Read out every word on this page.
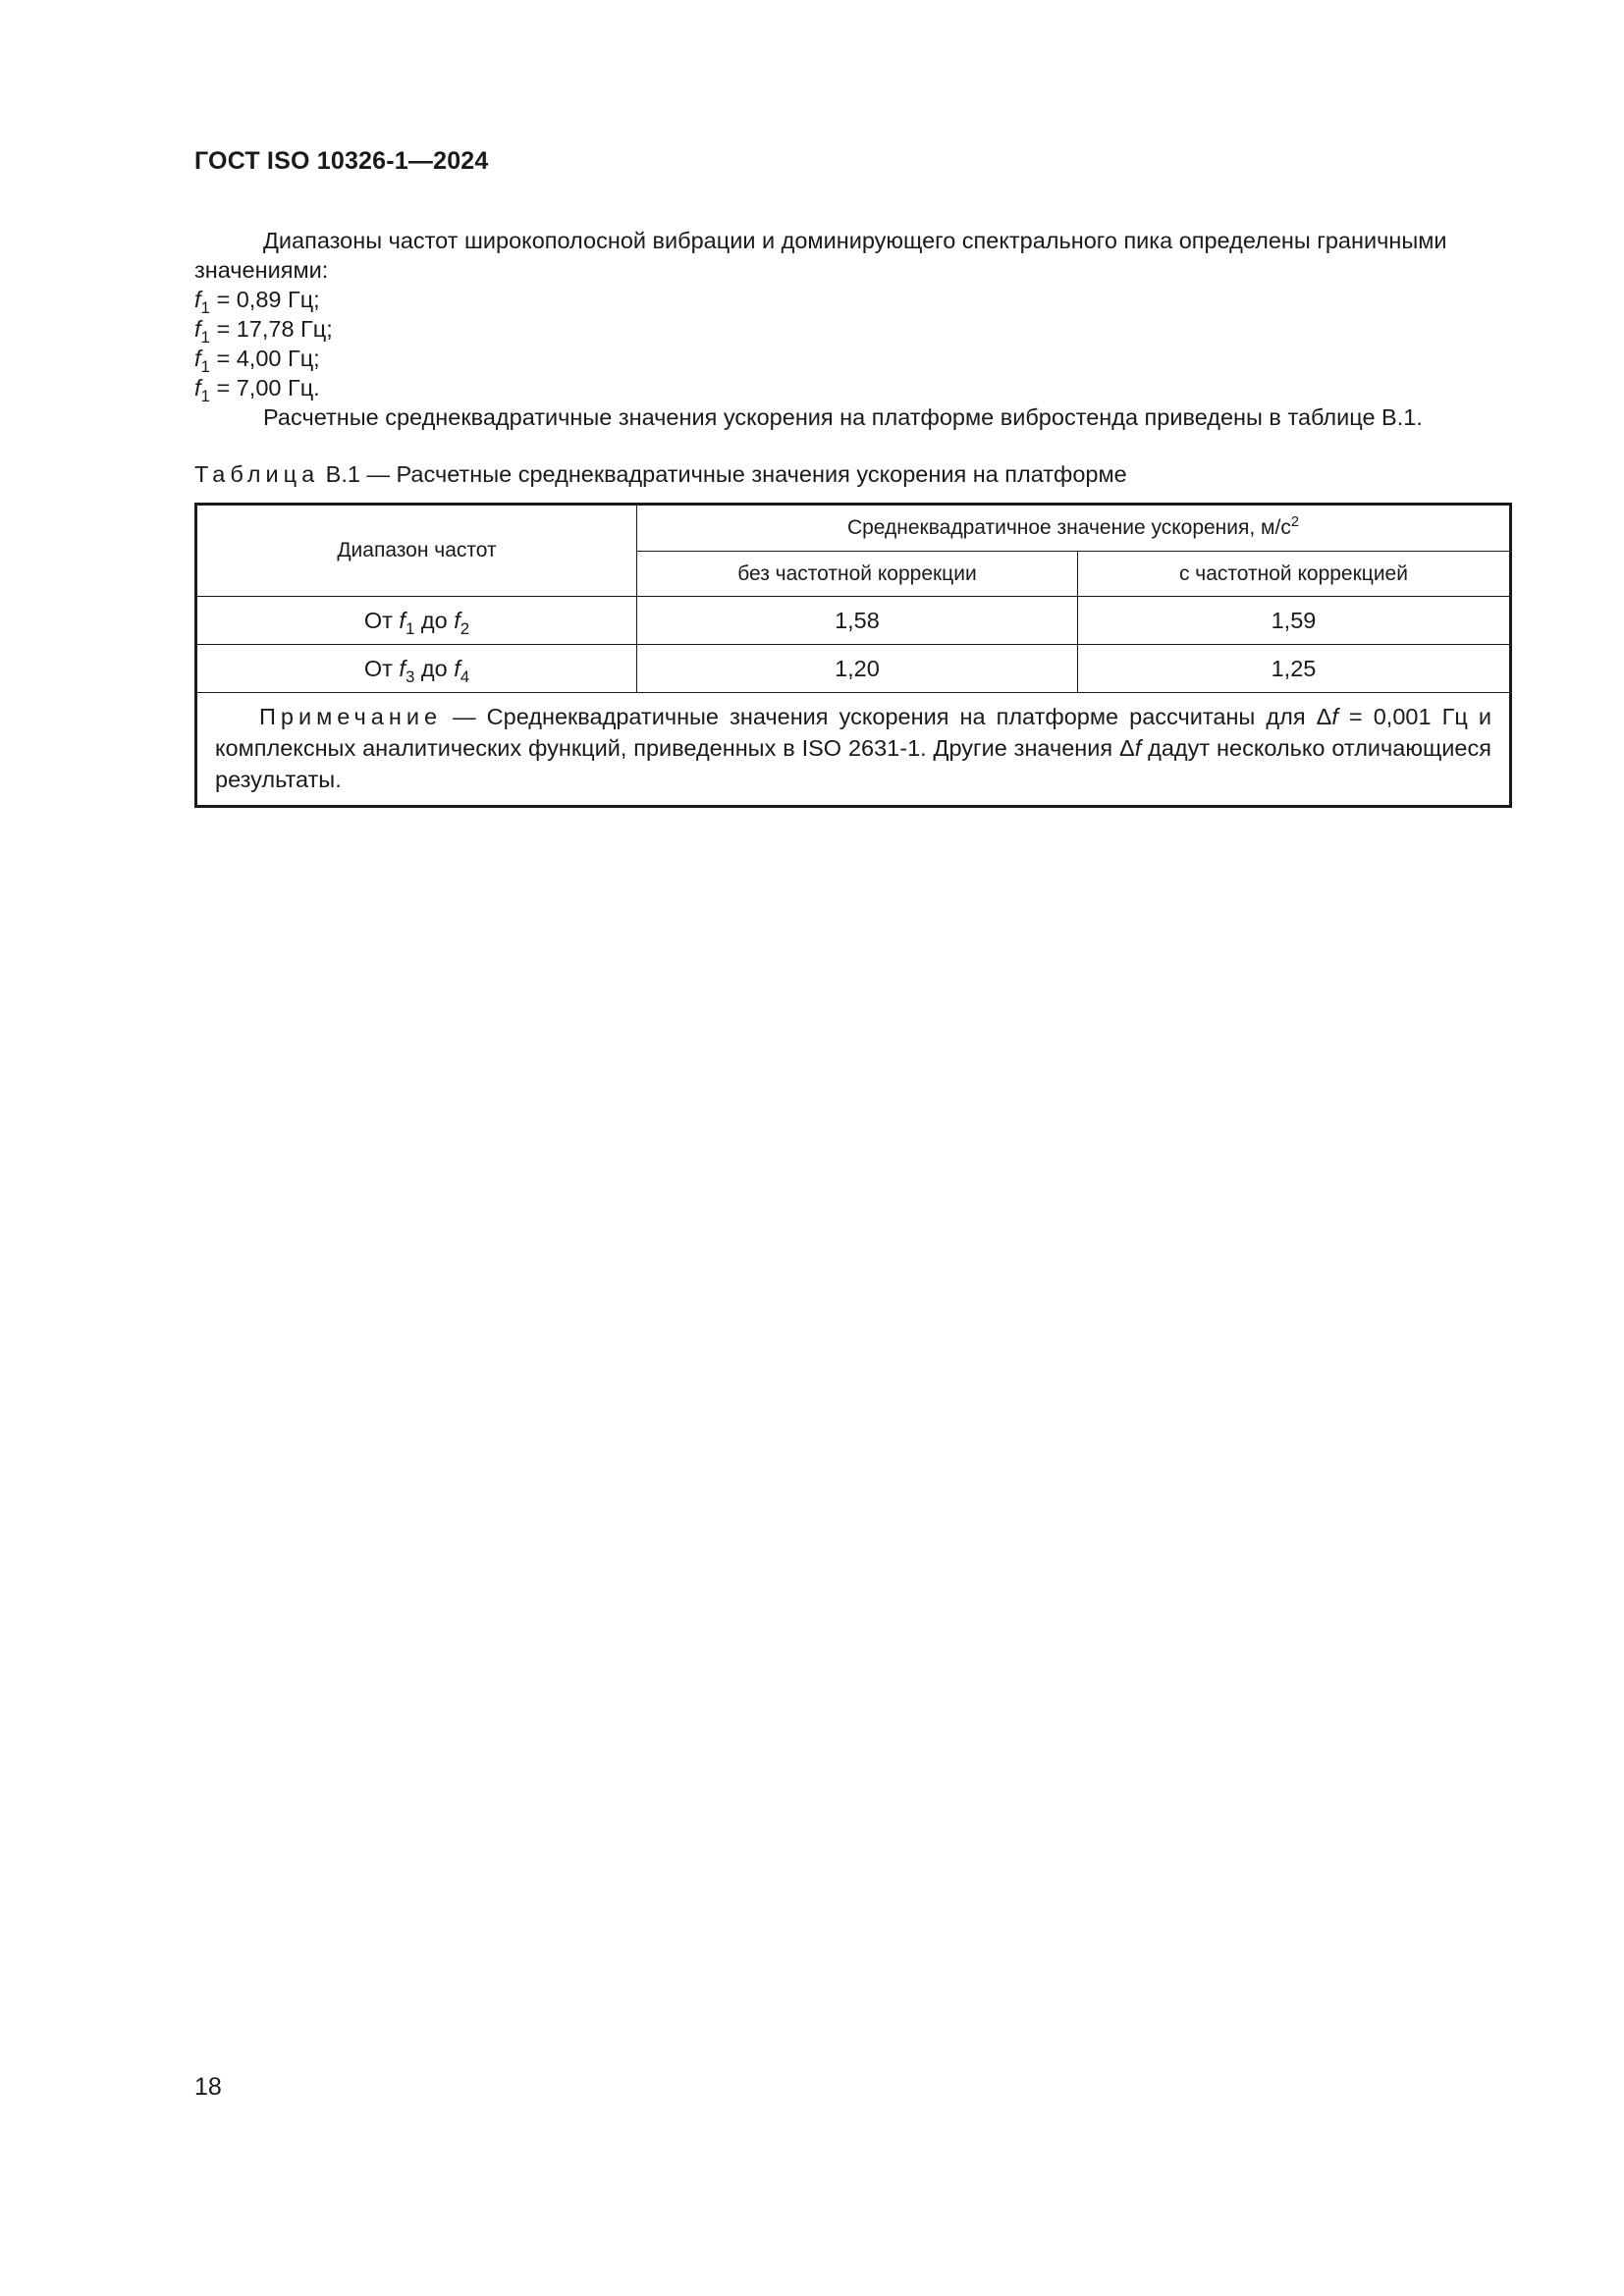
ГОСТ ISO 10326-1—2024

Диапазоны частот широкополосной вибрации и доминирующего спектрального пика определены граничными значениями:

$f_1 = 0,89$ Гц;

$f_1 = 17,78$ Гц;

$f_1 = 4,00$ Гц;

$f_1 = 7,00$ Гц.

Расчетные среднеквадратичные значения ускорения на платформе вибростенда приведены в таблице В.1.

Таблица В.1 — Расчетные среднеквадратичные значения ускорения на платформе
Диапазон частот	Среднеквадратичное значение ускорения, $м/с^2$
	без частотной коррекции	с частотной коррекцией
От $f_1$ до $f_2$	1,58	1,59
От $f_3$ до $f_4$	1,20	1,25
Примечание — Среднеквадратичные значения ускорения на платформе рассчитаны для Δf = 0,001 Гц и комплексных аналитических функций, приведенных в ISO 2631-1. Другие значения Δf дадут несколько отличающиеся результаты.		
18
